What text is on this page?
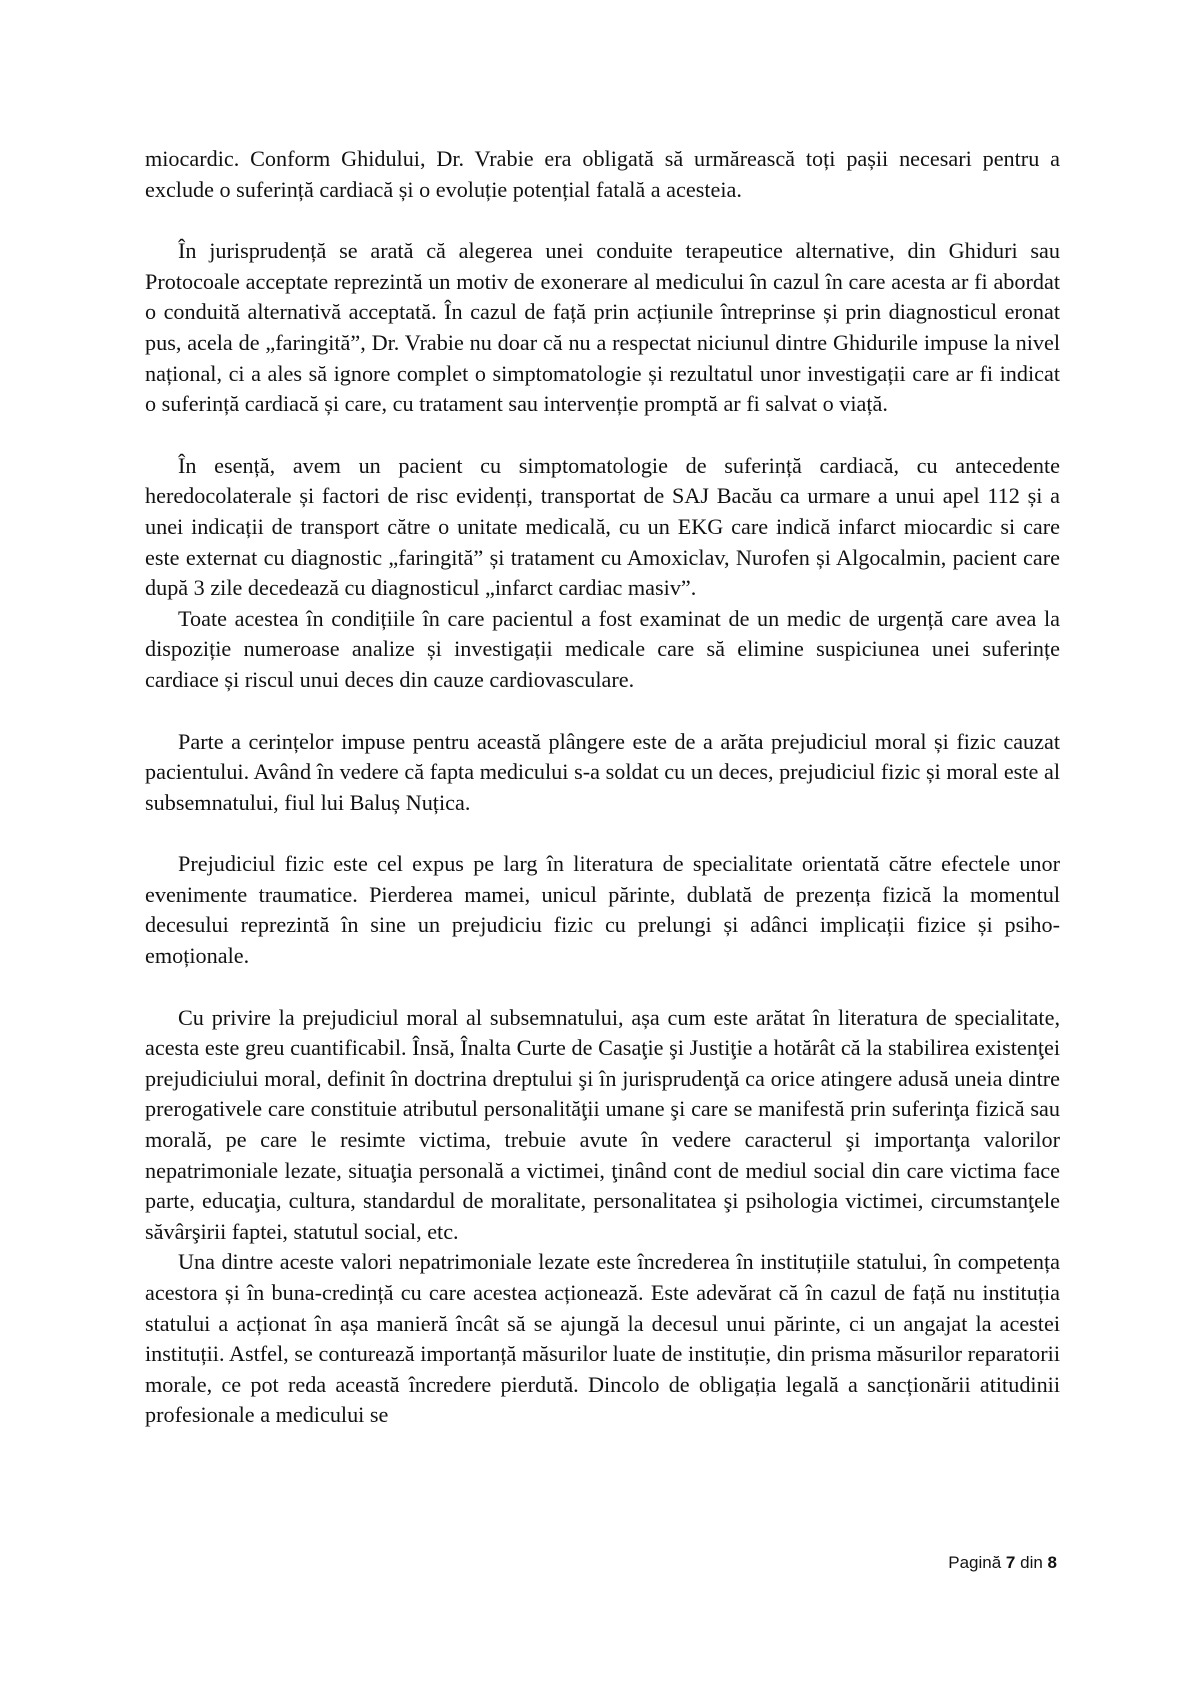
miocardic. Conform Ghidului, Dr. Vrabie era obligată să urmărească toți pașii necesari pentru a exclude o suferință cardiacă și o evoluție potențial fatală a acesteia.

În jurisprudență se arată că alegerea unei conduite terapeutice alternative, din Ghiduri sau Protocoale acceptate reprezintă un motiv de exonerare al medicului în cazul în care acesta ar fi abordat o conduită alternativă acceptată. În cazul de față prin acțiunile întreprinse și prin diagnosticul eronat pus, acela de „faringită”, Dr. Vrabie nu doar că nu a respectat niciunul dintre Ghidurile impuse la nivel național, ci a ales să ignore complet o simptomatologie și rezultatul unor investigații care ar fi indicat o suferință cardiacă și care, cu tratament sau intervenție promptă ar fi salvat o viață.

În esență, avem un pacient cu simptomatologie de suferință cardiacă, cu antecedente heredocolaterale și factori de risc evidenți, transportat de SAJ Bacău ca urmare a unui apel 112 și a unei indicații de transport către o unitate medicală, cu un EKG care indică infarct miocardic si care este externat cu diagnostic „faringită” și tratament cu Amoxiclav, Nurofen și Algocalmin, pacient care după 3 zile decedează cu diagnosticul „infarct cardiac masiv”.

Toate acestea în condițiile în care pacientul a fost examinat de un medic de urgență care avea la dispoziție numeroase analize și investigații medicale care să elimine suspiciunea unei suferințe cardiace și riscul unui deces din cauze cardiovasculare.

Parte a cerințelor impuse pentru această plângere este de a arăta prejudiciul moral și fizic cauzat pacientului. Având în vedere că fapta medicului s-a soldat cu un deces, prejudiciul fizic și moral este al subsemnatului, fiul lui Baluș Nuțica.

Prejudiciul fizic este cel expus pe larg în literatura de specialitate orientată către efectele unor evenimente traumatice. Pierderea mamei, unicul părinte, dublată de prezența fizică la momentul decesului reprezintă în sine un prejudiciu fizic cu prelungi și adânci implicații fizice și psiho-emoționale.

Cu privire la prejudiciul moral al subsemnatului, așa cum este arătat în literatura de specialitate, acesta este greu cuantificabil. Însă, Înalta Curte de Casaţie şi Justiţie a hotărât că la stabilirea existenţei prejudiciului moral, definit în doctrina dreptului şi în jurisprudenţă ca orice atingere adusă uneia dintre prerogativele care constituie atributul personalităţii umane şi care se manifestă prin suferinţa fizică sau morală, pe care le resimte victima, trebuie avute în vedere caracterul şi importanţa valorilor nepatrimoniale lezate, situaţia personală a victimei, ţinând cont de mediul social din care victima face parte, educaţia, cultura, standardul de moralitate, personalitatea şi psihologia victimei, circumstanţele săvârşirii faptei, statutul social, etc.

Una dintre aceste valori nepatrimoniale lezate este încrederea în instituțiile statului, în competența acestora și în buna-credință cu care acestea acționează. Este adevărat că în cazul de față nu instituția statului a acționat în așa manieră încât să se ajungă la decesul unui părinte, ci un angajat la acestei instituții. Astfel, se conturează importanță măsurilor luate de instituție, din prisma măsurilor reparatorii morale, ce pot reda această încredere pierdută. Dincolo de obligația legală a sancționării atitudinii profesionale a medicului se

Pagină 7 din 8
